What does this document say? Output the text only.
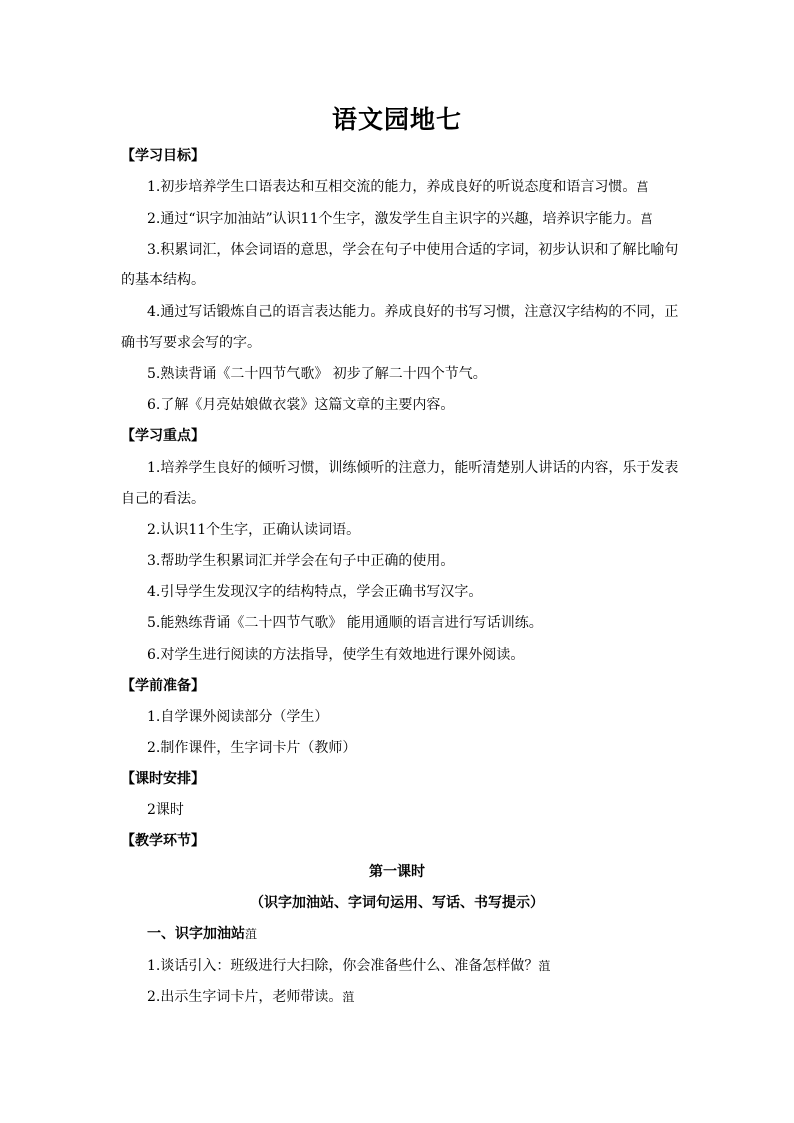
语文园地七
【学习目标】
1.初步培养学生口语表达和互相交流的能力，养成良好的听说态度和语言习惯。菖
2.通过“识字加油站”认识11个生字，激发学生自主识字的兴趣，培养识字能力。菖
3.积累词汇，体会词语的意思，学会在句子中使用合适的字词，初步认识和了解比喻句
的基本结构。
4.通过写话锻炼自己的语言表达能力。养成良好的书写习惯，注意汉字结构的不同，正
确书写要求会写的字。
5.熟读背诵《二十四节气歌》 初步了解二十四个节气。
6.了解《月亮姑娘做衣裳》这篇文章的主要内容。
【学习重点】
1.培养学生良好的倾听习惯，训练倾听的注意力，能听清楚别人讲话的内容，乐于发表
自己的看法。
2.认识11个生字，正确认读词语。
3.帮助学生积累词汇并学会在句子中正确的使用。
4.引导学生发现汉字的结构特点，学会正确书写汉字。
5.能熟练背诵《二十四节气歌》 能用通顺的语言进行写话训练。
6.对学生进行阅读的方法指导，使学生有效地进行课外阅读。
【学前准备】
1.自学课外阅读部分（学生）
2.制作课件，生字词卡片（教师）
【课时安排】
2课时
【教学环节】
第一课时
（识字加油站、字词句运用、写话、书写提示）
一、识字加油站菹
1.谈话引入：班级进行大扫除，你会准备些什么、准备怎样做？菹
2.出示生字词卡片，老师带读。菹
